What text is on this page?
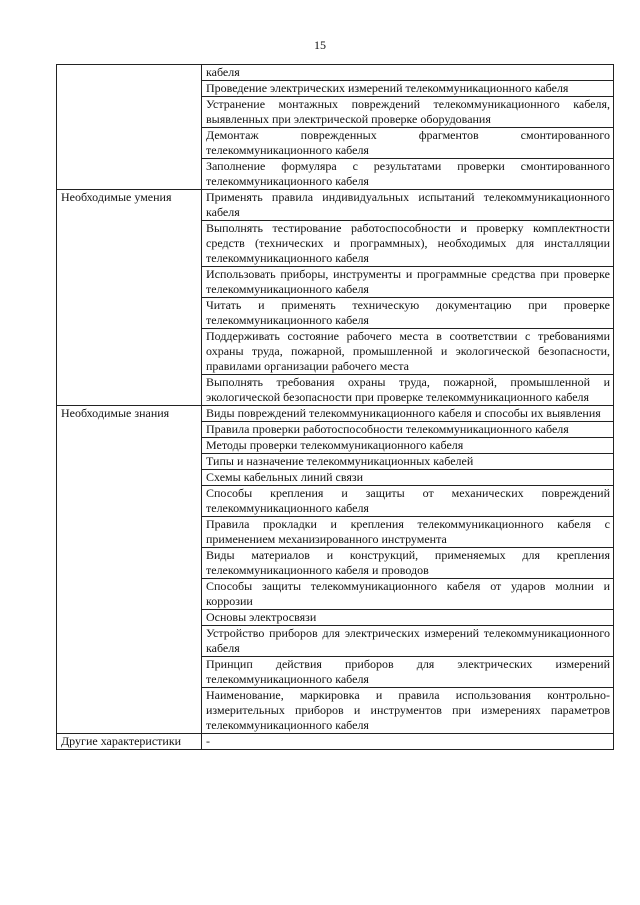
15
	кабеля
	Проведение электрических измерений телекоммуникационного кабеля
	Устранение монтажных повреждений телекоммуникационного кабеля, выявленных при электрической проверке оборудования
	Демонтаж поврежденных фрагментов смонтированного телекоммуникационного кабеля
	Заполнение формуляра с результатами проверки смонтированного телекоммуникационного кабеля
Необходимые умения	Применять правила индивидуальных испытаний телекоммуникационного кабеля
	Выполнять тестирование работоспособности и проверку комплектности средств (технических и программных), необходимых для инсталляции телекоммуникационного кабеля
	Использовать приборы, инструменты и программные средства при проверке телекоммуникационного кабеля
	Читать и применять техническую документацию при проверке телекоммуникационного кабеля
	Поддерживать состояние рабочего места в соответствии с требованиями охраны труда, пожарной, промышленной и экологической безопасности, правилами организации рабочего места
	Выполнять требования охраны труда, пожарной, промышленной и экологической безопасности при проверке телекоммуникационного кабеля
Необходимые знания	Виды повреждений телекоммуникационного кабеля и способы их выявления
	Правила проверки работоспособности телекоммуникационного кабеля
	Методы проверки телекоммуникационного кабеля
	Типы и назначение телекоммуникационных кабелей
	Схемы кабельных линий связи
	Способы крепления и защиты от механических повреждений телекоммуникационного кабеля
	Правила прокладки и крепления телекоммуникационного кабеля с применением механизированного инструмента
	Виды материалов и конструкций, применяемых для крепления телекоммуникационного кабеля и проводов
	Способы защиты телекоммуникационного кабеля от ударов молнии и коррозии
	Основы электросвязи
	Устройство приборов для электрических измерений телекоммуникационного кабеля
	Принцип действия приборов для электрических измерений телекоммуникационного кабеля
	Наименование, маркировка и правила использования контрольно-измерительных приборов и инструментов при измерениях параметров телекоммуникационного кабеля
Другие характеристики	-
